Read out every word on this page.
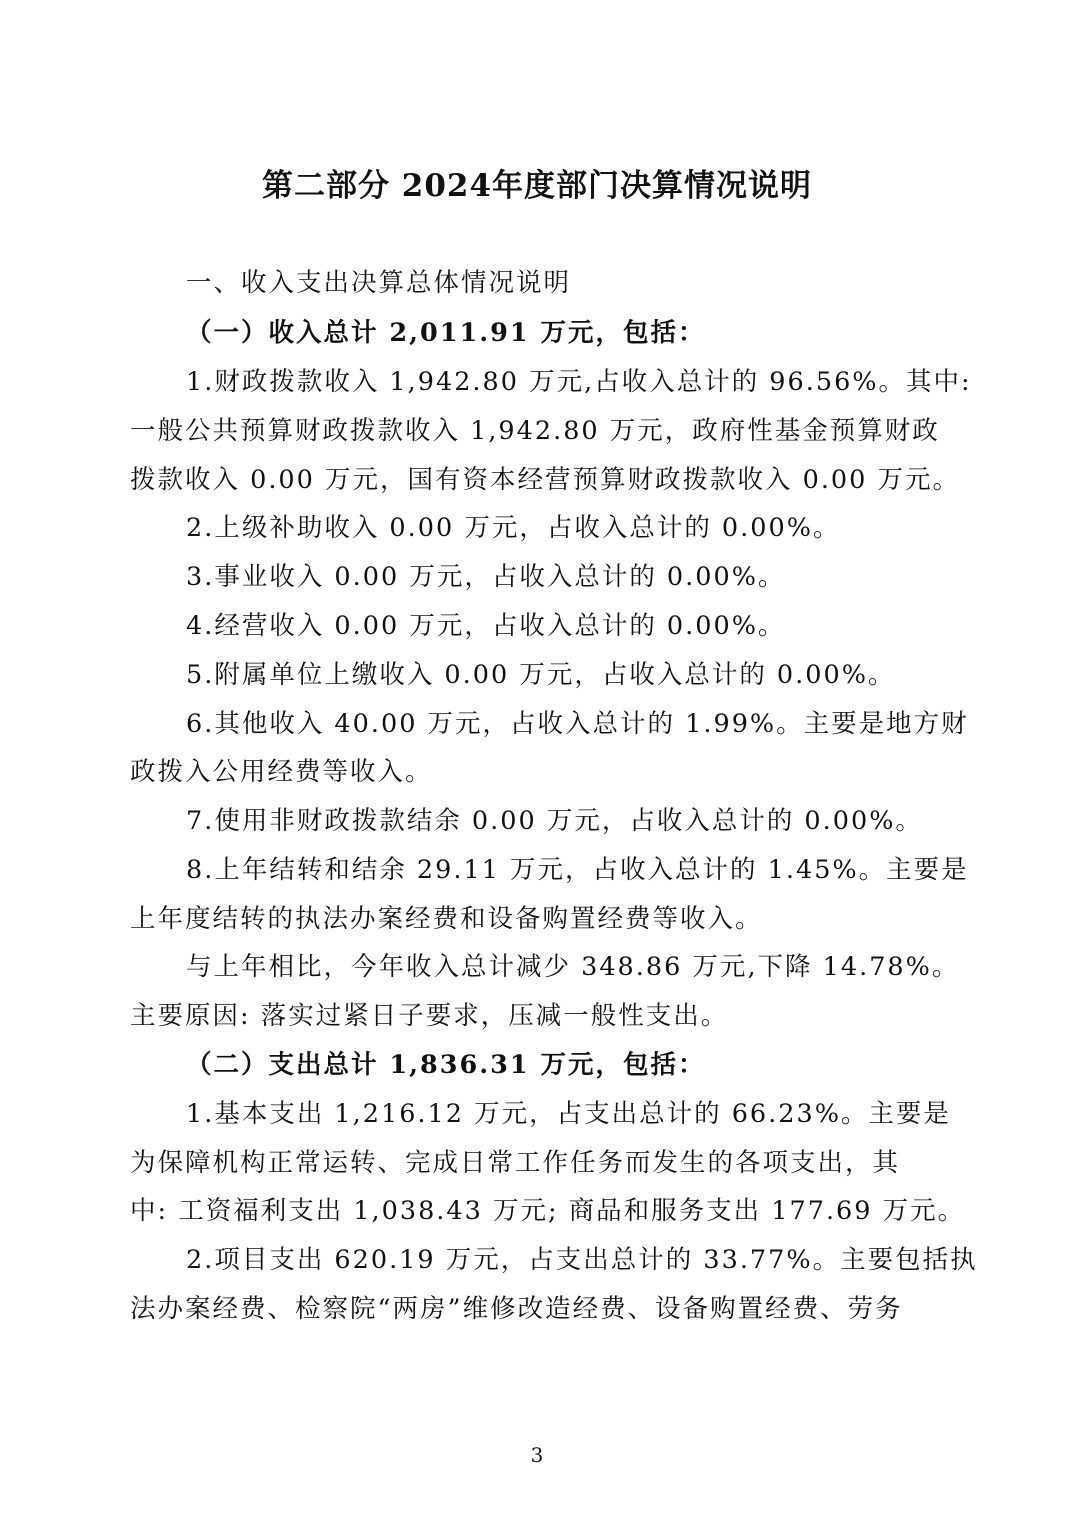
第二部分 2024年度部门决算情况说明
一、收入支出决算总体情况说明
（一）收入总计 2,011.91 万元，包括：
1.财政拨款收入 1,942.80 万元,占收入总计的 96.56%。其中:
一般公共预算财政拨款收入 1,942.80 万元，政府性基金预算财政
拨款收入 0.00 万元，国有资本经营预算财政拨款收入 0.00 万元。
2.上级补助收入 0.00 万元，占收入总计的 0.00%。
3.事业收入 0.00 万元，占收入总计的 0.00%。
4.经营收入 0.00 万元，占收入总计的 0.00%。
5.附属单位上缴收入 0.00 万元，占收入总计的 0.00%。
6.其他收入 40.00 万元，占收入总计的 1.99%。主要是地方财
政拨入公用经费等收入。
7.使用非财政拨款结余 0.00 万元，占收入总计的 0.00%。
8.上年结转和结余 29.11 万元，占收入总计的 1.45%。主要是
上年度结转的执法办案经费和设备购置经费等收入。
与上年相比，今年收入总计减少 348.86 万元,下降 14.78%。
主要原因: 落实过紧日子要求，压减一般性支出。
（二）支出总计 1,836.31 万元，包括：
1.基本支出 1,216.12 万元，占支出总计的 66.23%。主要是
为保障机构正常运转、完成日常工作任务而发生的各项支出，其
中: 工资福利支出 1,038.43 万元; 商品和服务支出 177.69 万元。
2.项目支出 620.19 万元，占支出总计的 33.77%。主要包括执
法办案经费、检察院“两房”维修改造经费、设备购置经费、劳务
3
